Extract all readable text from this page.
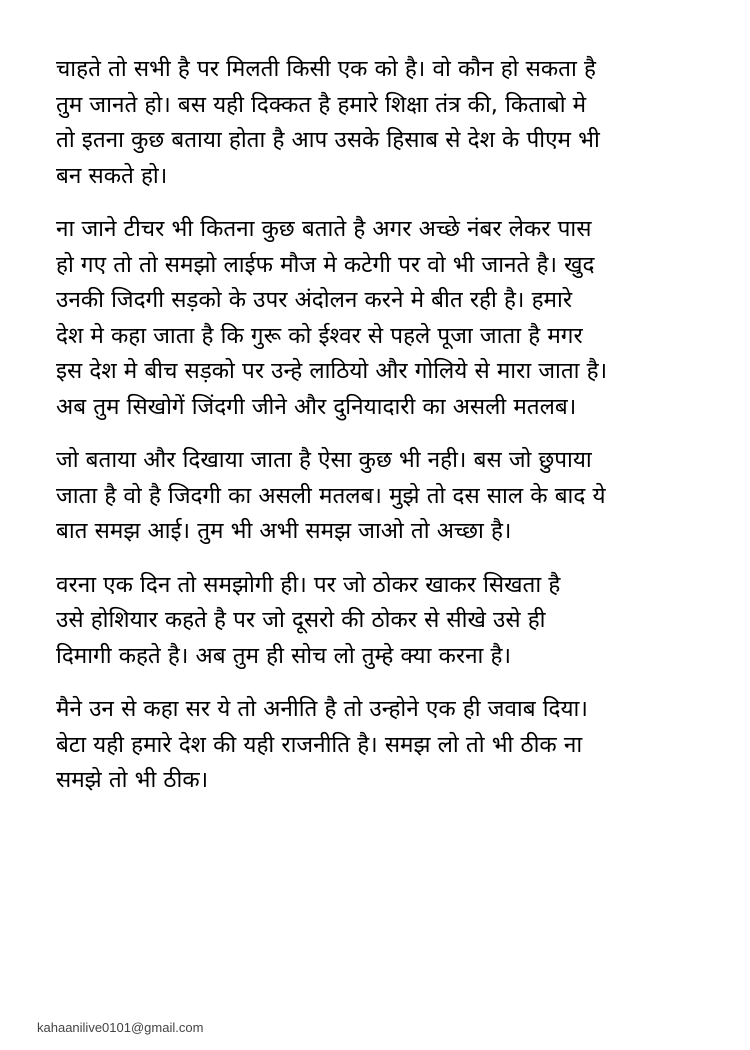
चाहते तो सभी है पर मिलती किसी एक को है। वो कौन हो सकता है
तुम जानते हो। बस यही दिक्कत है हमारे शिक्षा तंत्र की, किताबो मे
तो इतना कुछ बताया होता है आप उसके हिसाब से देश के पीएम भी
बन सकते हो।

ना जाने टीचर भी कितना कुछ बताते है अगर अच्छे नंबर लेकर पास
हो गए तो तो समझो लाईफ मौज मे कटेगी पर वो भी जानते है। खुद
उनकी जिदगी सड़को के उपर अंदोलन करने मे बीत रही है। हमारे
देश मे कहा जाता है कि गुरू को ईश्वर से पहले पूजा जाता है मगर
इस देश मे बीच सड़को पर उन्हे लाठियो और गोलिये से मारा जाता है।
अब तुम सिखोगें जिंदगी जीने और दुनियादारी का असली मतलब।

जो बताया और दिखाया जाता है ऐसा कुछ भी नही। बस जो छुपाया
जाता है वो है जिदगी का असली मतलब। मुझे तो दस साल के बाद ये
बात समझ आई। तुम भी अभी समझ जाओ तो अच्छा है।

वरना एक दिन तो समझोगी ही। पर जो ठोकर खाकर सिखता है
उसे होशियार कहते है पर जो दूसरो की ठोकर से सीखे उसे ही
दिमागी कहते है। अब तुम ही सोच लो तुम्हे क्या करना है।

मैने उन से कहा सर ये तो अनीति है तो उन्होने एक ही जवाब दिया।
बेटा यही हमारे देश की यही राजनीति है। समझ लो तो भी ठीक ना
समझे तो भी ठीक।

kahaanilive0101@gmail.com
